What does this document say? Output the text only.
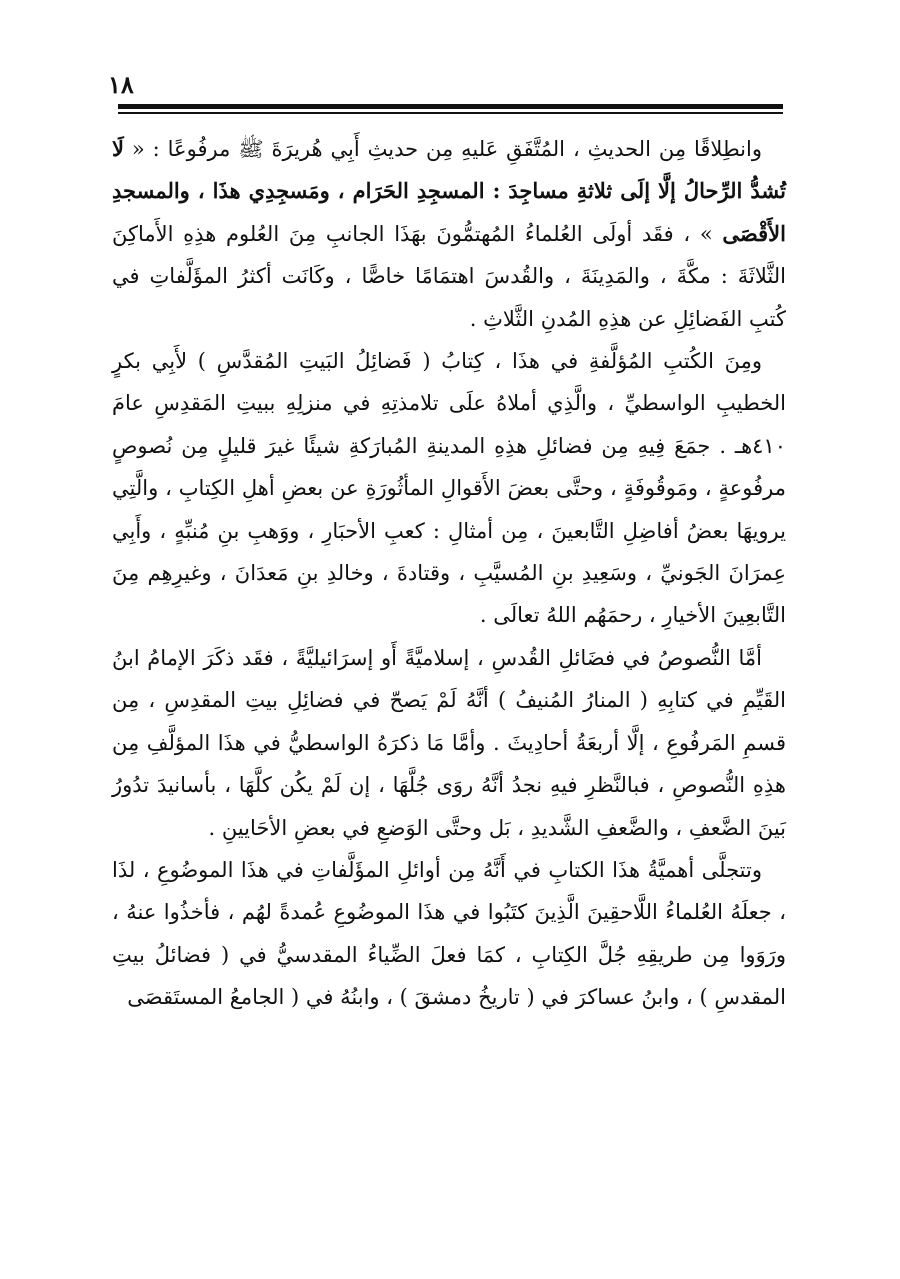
١٨

وانطِلاقًا مِن الحديثِ ، المُتَّفَقِ عَليهِ مِن حديثِ أَبِي هُريرَةَ ﷺ مرفُوعًا : « لَا تُشدُّ الرِّحالُ إلَّا إلَى ثلاثةِ مساجِدَ : المسجِدِ الحَرَام ، ومَسجِدِي هذَا ، والمسجدِ الأَقْصَى » ، فقَد أولَى العُلماءُ المُهتمُّونَ بهَذَا الجانبِ مِنَ العُلوم هذِهِ الأَماكِنَ الثَّلاثَةَ : مكَّةَ ، والمَدِينَةَ ، والقُدسَ اهتمَامًا خاصًّا ، وكَانَت أكثرُ المؤَلَّفاتِ في كُتبِ الفَضائِلِ عن هذِهِ المُدنِ الثَّلاثِ .

ومِنَ الكُتبِ المُؤلَّفةِ في هذَا ، كِتابُ ( فَضائِلُ البَيتِ المُقدَّسِ ) لأَبِي بكرٍ الخطيبِ الواسطيِّ ، والَّذِي أملاهُ علَى تلامذتِهِ في منزلِهِ ببيتِ المَقدِسِ عامَ ٤١٠هـ . جمَعَ فِيهِ مِن فضائلِ هذِهِ المدينةِ المُبارَكةِ شيئًا غيرَ قليلٍ مِن نُصوصٍ مرفُوعةٍ ، ومَوقُوفَةٍ ، وحتَّى بعضَ الأَقوالِ المأثُورَةِ عن بعضِ أهلِ الكِتابِ ، والَّتِي يرويهَا بعضُ أفاضِلِ التَّابعينَ ، مِن أمثالِ : كعبِ الأحبَارِ ، ووَهبِ بنِ مُنبِّهٍ ، وأَبِي عِمرَانَ الجَونيِّ ، وسَعِيدِ بنِ المُسيَّبِ ، وقتادةَ ، وخالدِ بنِ مَعدَانَ ، وغيرِهِم مِنَ التَّابعِينَ الأخيارِ ، رحمَهُم اللهُ تعالَى .

أمَّا النُّصوصُ في فضَائلِ القُدسِ ، إسلاميَّةً أَو إسرَائيليَّةً ، فقَد ذكَرَ الإمامُ ابنُ القَيِّمِ في كتابِهِ ( المنارُ المُنيفُ ) أنَّهُ لَمْ يَصحّ في فضائِلِ بيتِ المقدِسِ ، مِن قسمِ المَرفُوعِ ، إلَّا أربعَةُ أحادِيثَ . وأمَّا مَا ذكرَهُ الواسطيُّ في هذَا المؤلَّفِ مِن هذِهِ النُّصوصِ ، فبالنَّظرِ فيهِ نجدُ أنَّهُ روَى جُلَّهَا ، إن لَمْ يكُن كلَّهَا ، بأسانيدَ تدُورُ بَينَ الضَّعفِ ، والضَّعفِ الشَّديدِ ، بَل وحتَّى الوَضعِ في بعضِ الأحَايينِ .

وتتجلَّى أهميَّةُ هذَا الكتابِ في أَنَّهُ مِن أوائلِ المؤَلَّفاتِ في هذَا الموضُوعِ ، لذَا ، جعلَهُ العُلماءُ اللَّاحقِينَ الَّذِينَ كتَبُوا في هذَا الموضُوعِ عُمدةً لهُم ، فأخذُوا عنهُ ، ورَوَوا مِن طريقِهِ جُلَّ الكِتابِ ، كمَا فعلَ الضِّياءُ المقدسيُّ في ( فضائلُ بيتِ المقدسِ ) ، وابنُ عساكرَ في ( تاريخُ دمشقَ ) ، وابنُهُ في ( الجامعُ المستَقصَى
